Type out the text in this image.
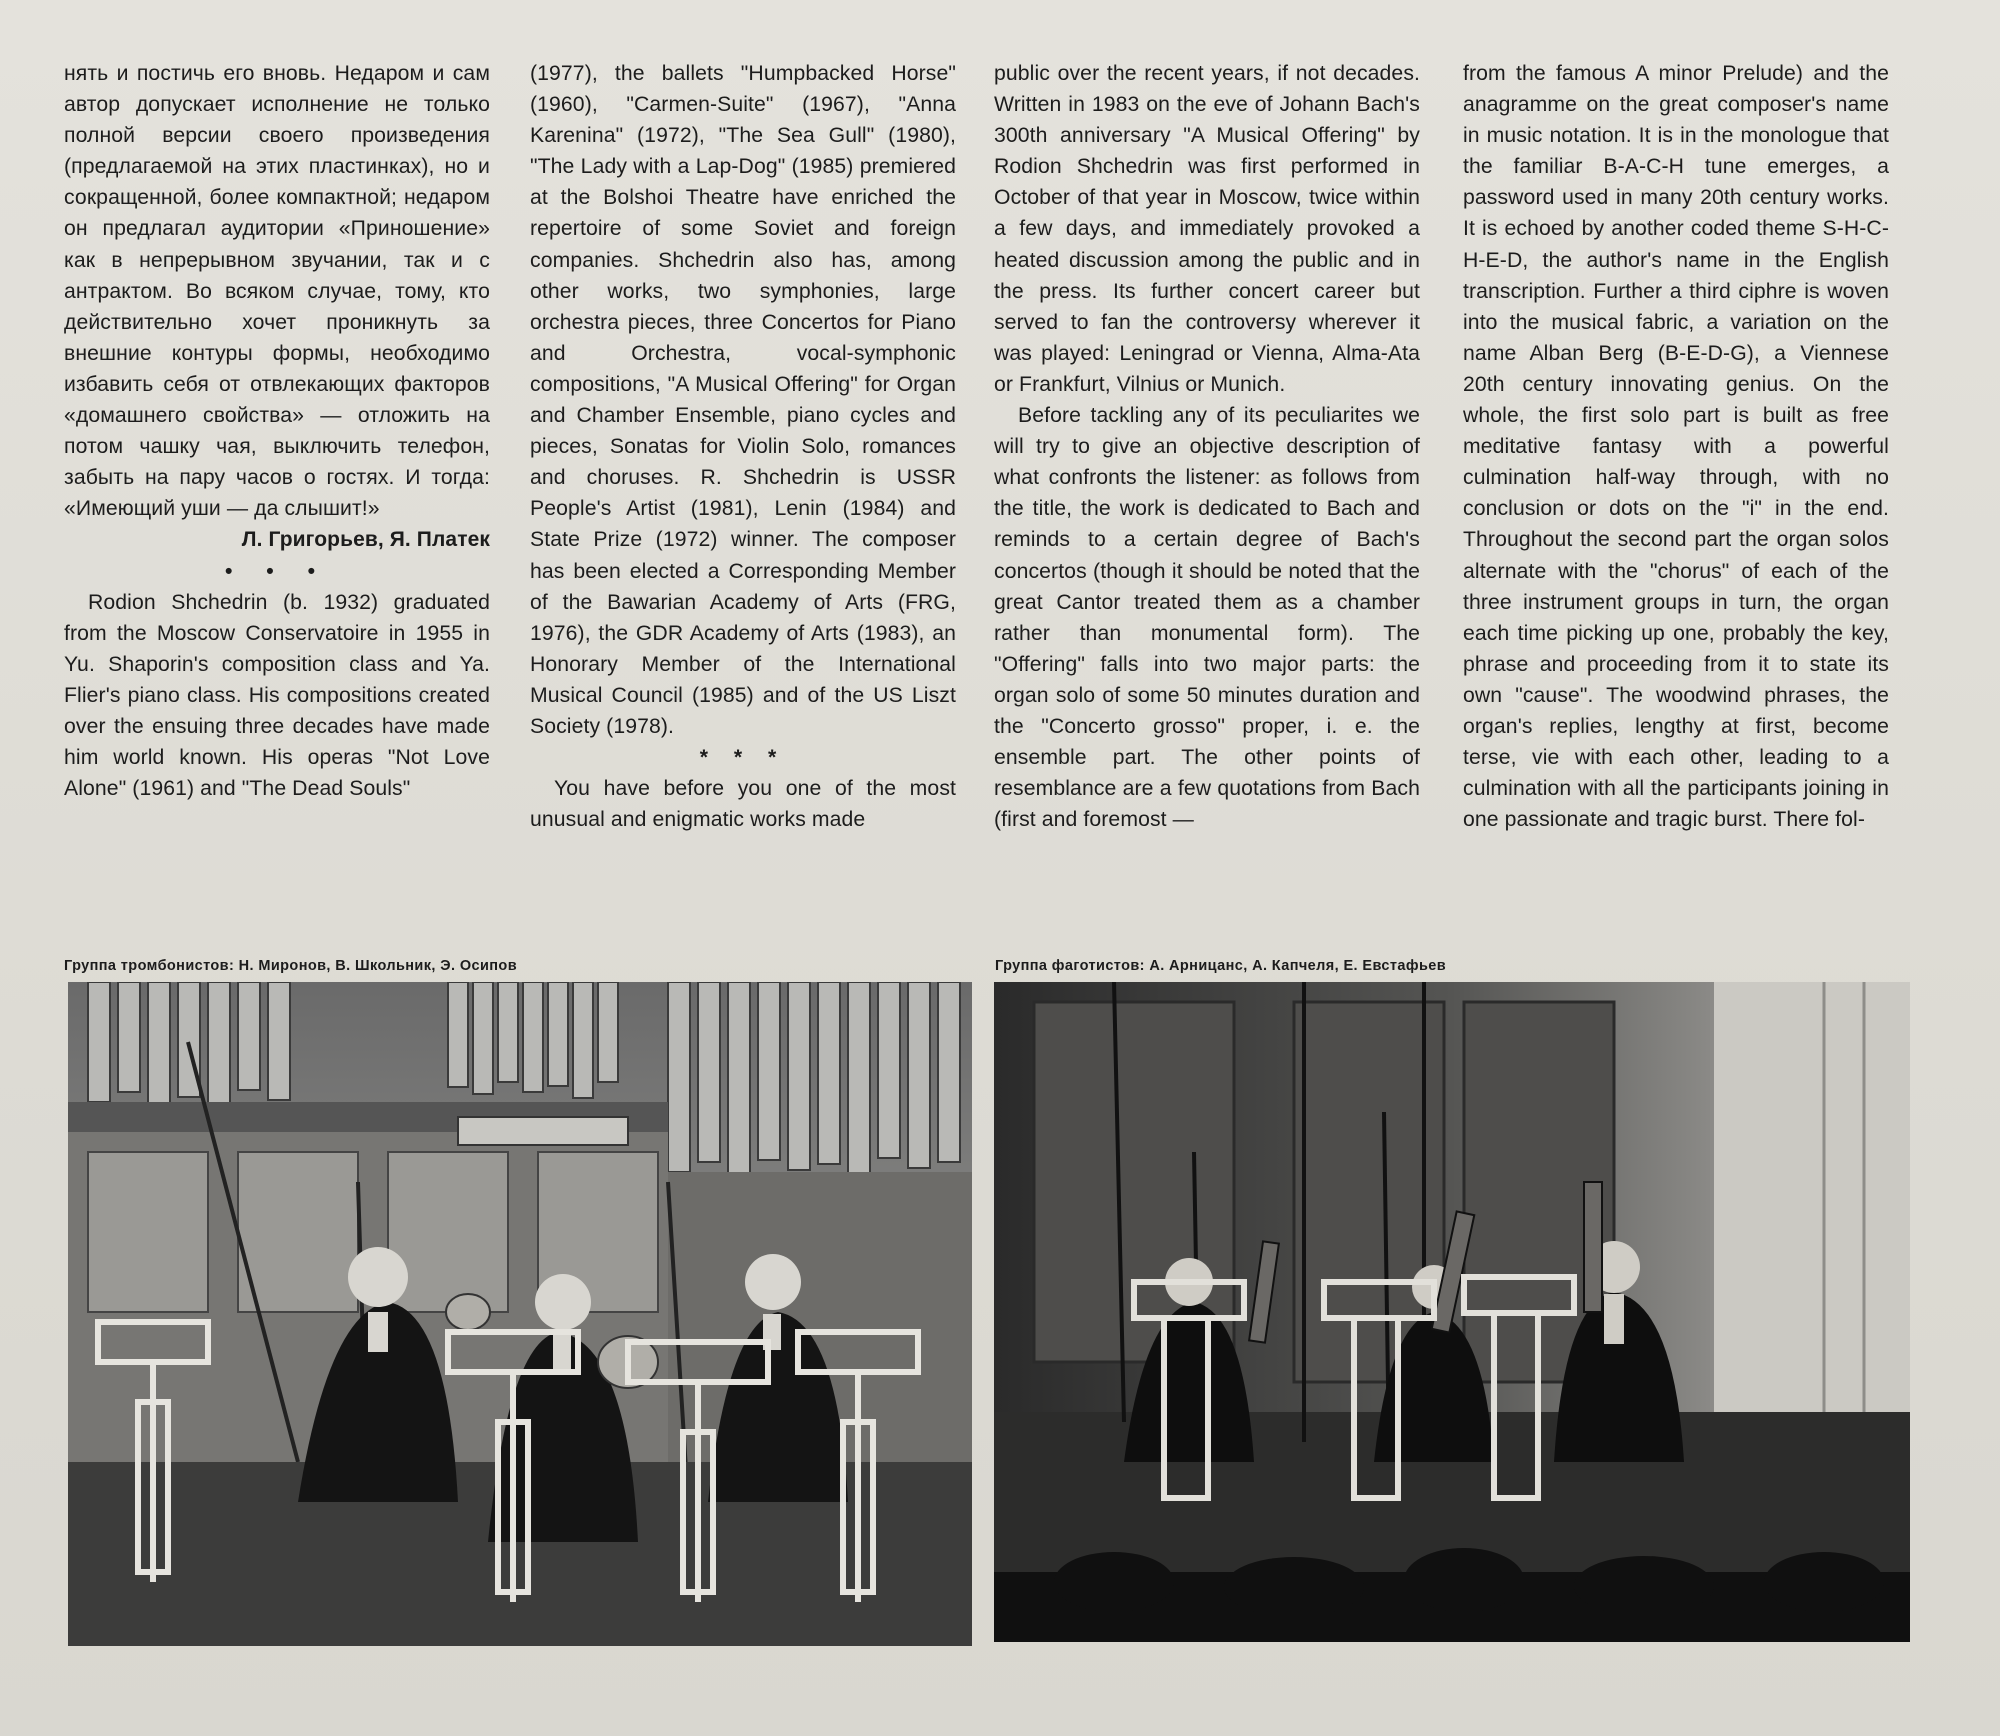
нять и постичь его вновь. Недаром и сам автор допускает исполнение не только полной версии своего произведения (предлагаемой на этих пластинках), но и сокращенной, более компактной; недаром он предлагал аудитории «Приношение» как в непрерывном звучании, так и с антрактом. Во всяком случае, тому, кто действительно хочет проникнуть за внешние контуры формы, необходимо избавить себя от отвлекающих факторов «домашнего свойства» — отложить на потом чашку чая, выключить телефон, забыть на пару часов о гостях. И тогда: «Имеющий уши — да слышит!»

Л. Григорьев, Я. Платек

• • •

Rodion Shchedrin (b. 1932) graduated from the Moscow Conservatoire in 1955 in Yu. Shaporin's composition class and Ya. Flier's piano class. His compositions created over the ensuing three decades have made him world known. His operas "Not Love Alone" (1961) and "The Dead Souls"

(1977), the ballets "Humpbacked Horse" (1960), "Carmen-Suite" (1967), "Anna Karenina" (1972), "The Sea Gull" (1980), "The Lady with a Lap-Dog" (1985) premiered at the Bolshoi Theatre have enriched the repertoire of some Soviet and foreign companies. Shchedrin also has, among other works, two symphonies, large orchestra pieces, three Concertos for Piano and Orchestra, vocal-symphonic compositions, "A Musical Offering" for Organ and Chamber Ensemble, piano cycles and pieces, Sonatas for Violin Solo, romances and choruses. R. Shchedrin is USSR People's Artist (1981), Lenin (1984) and State Prize (1972) winner. The composer has been elected a Corresponding Member of the Bawarian Academy of Arts (FRG, 1976), the GDR Academy of Arts (1983), an Honorary Member of the International Musical Council (1985) and of the US Liszt Society (1978).

* * *

You have before you one of the most unusual and enigmatic works made

public over the recent years, if not decades. Written in 1983 on the eve of Johann Bach's 300th anniversary "A Musical Offering" by Rodion Shchedrin was first performed in October of that year in Moscow, twice within a few days, and immediately provoked a heated discussion among the public and in the press. Its further concert career but served to fan the controversy wherever it was played: Leningrad or Vienna, Alma-Ata or Frankfurt, Vilnius or Munich.

Before tackling any of its peculiarites we will try to give an objective description of what confronts the listener: as follows from the title, the work is dedicated to Bach and reminds to a certain degree of Bach's concertos (though it should be noted that the great Cantor treated them as a chamber rather than monumental form). The "Offering" falls into two major parts: the organ solo of some 50 minutes duration and the "Concerto grosso" proper, i. e. the ensemble part. The other points of resemblance are a few quotations from Bach (first and foremost —

from the famous A minor Prelude) and the anagramme on the great composer's name in music notation. It is in the monologue that the familiar B-A-C-H tune emerges, a password used in many 20th century works. It is echoed by another coded theme S-H-C-H-E-D, the author's name in the English transcription. Further a third ciphre is woven into the musical fabric, a variation on the name Alban Berg (B-E-D-G), a Viennese 20th century innovating genius. On the whole, the first solo part is built as free meditative fantasy with a powerful culmination half-way through, with no conclusion or dots on the "i" in the end. Throughout the second part the organ solos alternate with the "chorus" of each of the three instrument groups in turn, the organ each time picking up one, probably the key, phrase and proceeding from it to state its own "cause". The woodwind phrases, the organ's replies, lengthy at first, become terse, vie with each other, leading to a culmination with all the participants joining in one passionate and tragic burst. There fol-

Группа тромбонистов: Н. Миронов, В. Школьник, Э. Осипов	Группа фаготистов: А. Арницанс, А. Капчеля, Е. Евстафьев
